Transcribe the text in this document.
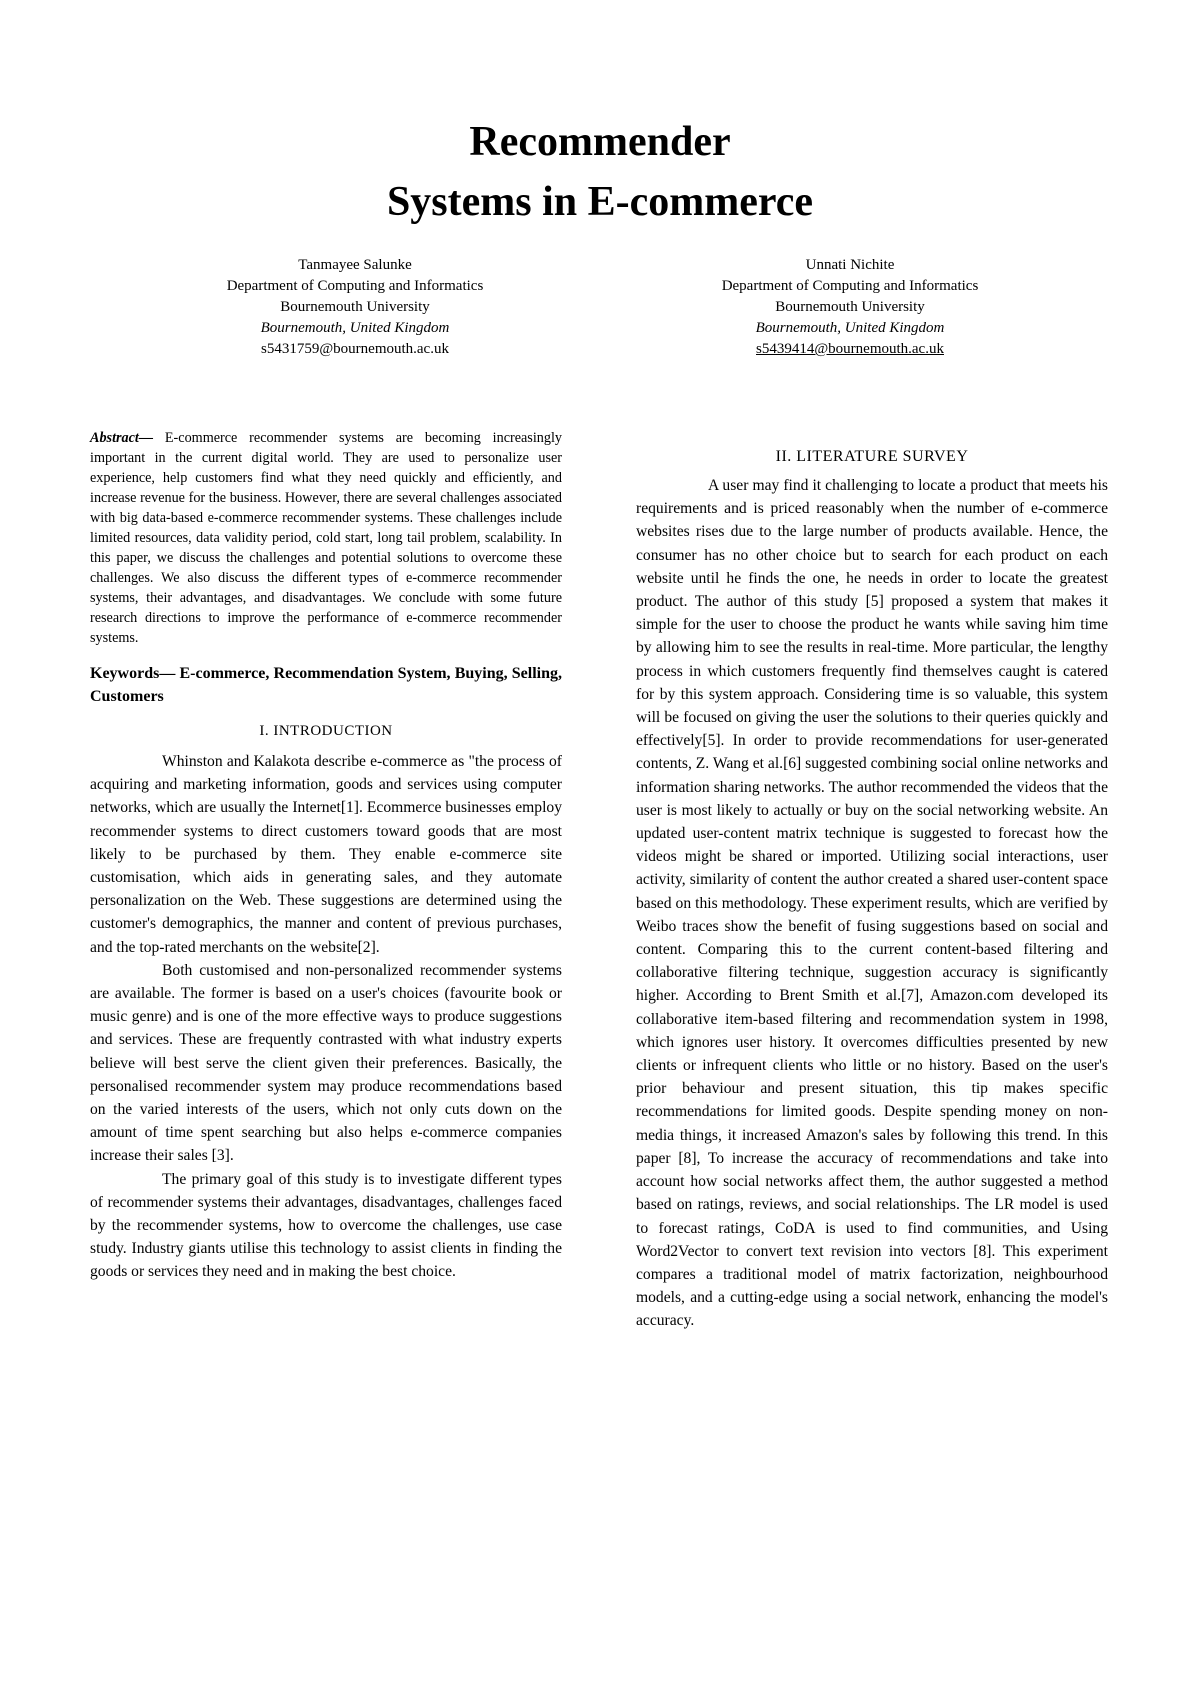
Recommender
Systems in E-commerce
Tanmayee Salunke
Department of Computing and Informatics
Bournemouth University
Bournemouth, United Kingdom
s5431759@bournemouth.ac.uk
Unnati Nichite
Department of Computing and Informatics
Bournemouth University
Bournemouth, United Kingdom
s5439414@bournemouth.ac.uk

Abstract— E-commerce recommender systems are becoming increasingly important in the current digital world. They are used to personalize user experience, help customers find what they need quickly and efficiently, and increase revenue for the business. However, there are several challenges associated with big data-based e-commerce recommender systems. These challenges include limited resources, data validity period, cold start, long tail problem, scalability. In this paper, we discuss the challenges and potential solutions to overcome these challenges. We also discuss the different types of e-commerce recommender systems, their advantages, and disadvantages. We conclude with some future research directions to improve the performance of e-commerce recommender systems.

Keywords— E-commerce, Recommendation System, Buying, Selling, Customers

I. INTRODUCTION

Whinston and Kalakota describe e-commerce as "the process of acquiring and marketing information, goods and services using computer networks, which are usually the Internet[1]. Ecommerce businesses employ recommender systems to direct customers toward goods that are most likely to be purchased by them. They enable e-commerce site customisation, which aids in generating sales, and they automate personalization on the Web. These suggestions are determined using the customer's demographics, the manner and content of previous purchases, and the top-rated merchants on the website[2].

Both customised and non-personalized recommender systems are available. The former is based on a user's choices (favourite book or music genre) and is one of the more effective ways to produce suggestions and services. These are frequently contrasted with what industry experts believe will best serve the client given their preferences. Basically, the personalised recommender system may produce recommendations based on the varied interests of the users, which not only cuts down on the amount of time spent searching but also helps e-commerce companies increase their sales [3].

The primary goal of this study is to investigate different types of recommender systems their advantages, disadvantages, challenges faced by the recommender systems, how to overcome the challenges, use case study. Industry giants utilise this technology to assist clients in finding the goods or services they need and in making the best choice.

II. LITERATURE SURVEY

A user may find it challenging to locate a product that meets his requirements and is priced reasonably when the number of e-commerce websites rises due to the large number of products available. Hence, the consumer has no other choice but to search for each product on each website until he finds the one, he needs in order to locate the greatest product. The author of this study [5] proposed a system that makes it simple for the user to choose the product he wants while saving him time by allowing him to see the results in real-time. More particular, the lengthy process in which customers frequently find themselves caught is catered for by this system approach. Considering time is so valuable, this system will be focused on giving the user the solutions to their queries quickly and effectively[5]. In order to provide recommendations for user-generated contents, Z. Wang et al.[6] suggested combining social online networks and information sharing networks. The author recommended the videos that the user is most likely to actually or buy on the social networking website. An updated user-content matrix technique is suggested to forecast how the videos might be shared or imported. Utilizing social interactions, user activity, similarity of content the author created a shared user-content space based on this methodology. These experiment results, which are verified by Weibo traces show the benefit of fusing suggestions based on social and content. Comparing this to the current content-based filtering and collaborative filtering technique, suggestion accuracy is significantly higher. According to Brent Smith et al.[7], Amazon.com developed its collaborative item-based filtering and recommendation system in 1998, which ignores user history. It overcomes difficulties presented by new clients or infrequent clients who little or no history. Based on the user's prior behaviour and present situation, this tip makes specific recommendations for limited goods. Despite spending money on non-media things, it increased Amazon's sales by following this trend. In this paper [8], To increase the accuracy of recommendations and take into account how social networks affect them, the author suggested a method based on ratings, reviews, and social relationships. The LR model is used to forecast ratings, CoDA is used to find communities, and Using Word2Vector to convert text revision into vectors [8]. This experiment compares a traditional model of matrix factorization, neighbourhood models, and a cutting-edge using a social network, enhancing the model's accuracy.
